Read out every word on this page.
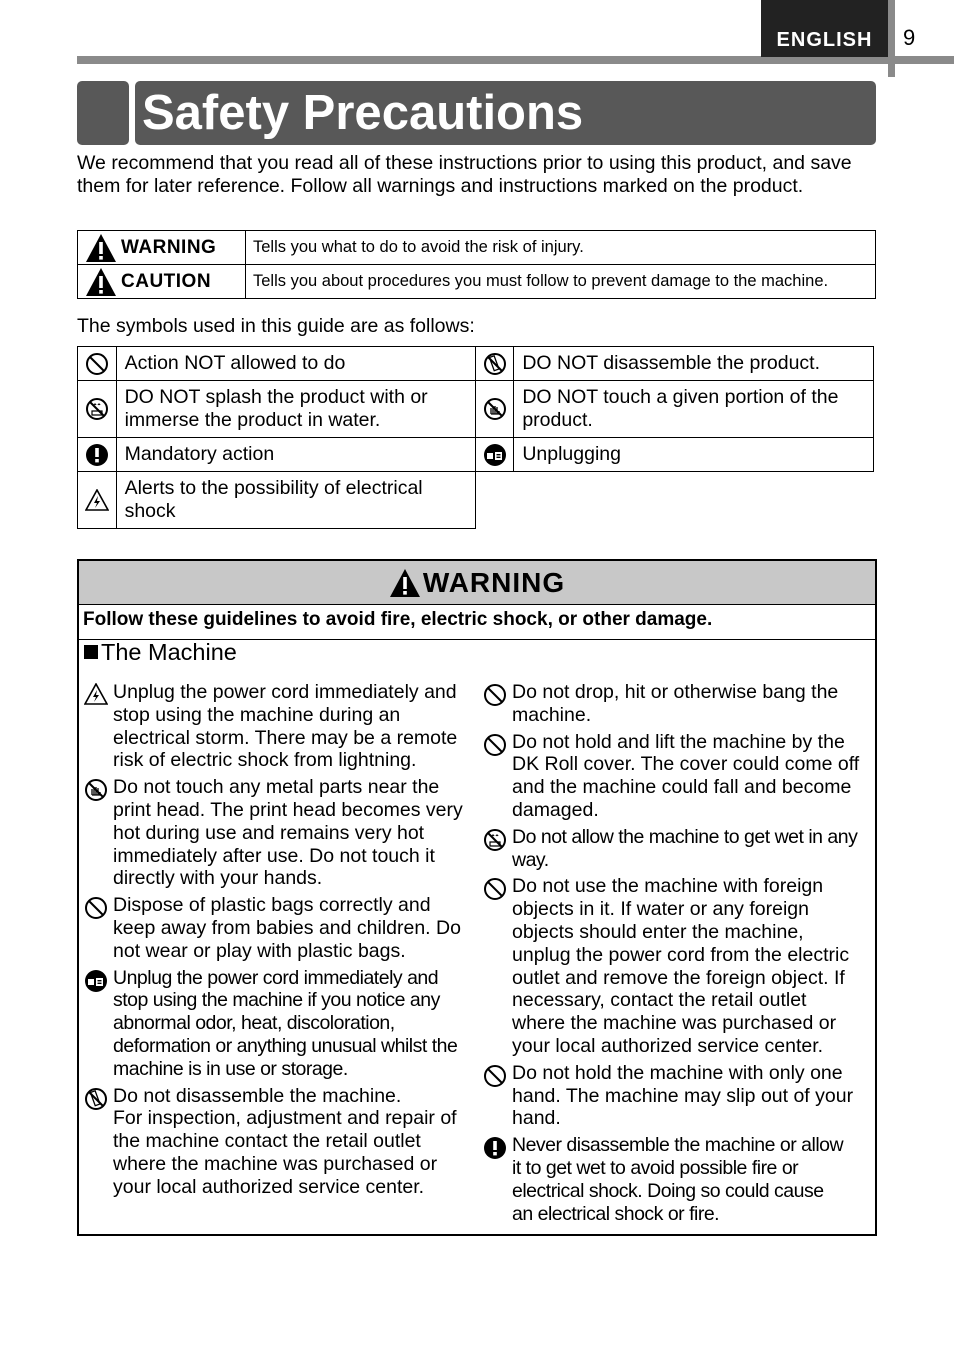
ENGLISH 9
Safety Precautions
We recommend that you read all of these instructions prior to using this product, and save them for later reference. Follow all warnings and instructions marked on the product.
WARNING	Tells you what to do to avoid the risk of injury.

CAUTION	Tells you about procedures you must follow to prevent damage to the machine.
The symbols used in this guide are as follows:
	Action NOT allowed to do		DO NOT disassemble the product.

	DO NOT splash the product with or immerse the product in water.		DO NOT touch a given portion of the product.

	Mandatory action		Unplugging

	Alerts to the possibility of electrical shock		
WARNING
Follow these guidelines to avoid fire, electric shock, or other damage.
The Machine
Unplug the power cord immediately and
stop using the machine during an
electrical storm. There may be a remote
risk of electric shock from lightning.
Do not touch any metal parts near the
print head. The print head becomes very
hot during use and remains very hot
immediately after use. Do not touch it
directly with your hands.
Dispose of plastic bags correctly and
keep away from babies and children. Do
not wear or play with plastic bags.
Unplug the power cord immediately and
stop using the machine if you notice any
abnormal odor, heat, discoloration,
deformation or anything unusual whilst the
machine is in use or storage.
Do not disassemble the machine.
For inspection, adjustment and repair of
the machine contact the retail outlet
where the machine was purchased or
your local authorized service center.
Do not drop, hit or otherwise bang the
machine.
Do not hold and lift the machine by the
DK Roll cover. The cover could come off
and the machine could fall and become
damaged.
Do not allow the machine to get wet in any
way.
Do not use the machine with foreign
objects in it. If water or any foreign
objects should enter the machine,
unplug the power cord from the electric
outlet and remove the foreign object. If
necessary, contact the retail outlet
where the machine was purchased or
your local authorized service center.
Do not hold the machine with only one
hand. The machine may slip out of your
hand.
Never disassemble the machine or allow
it to get wet to avoid possible fire or
electrical shock. Doing so could cause
an electrical shock or fire.
